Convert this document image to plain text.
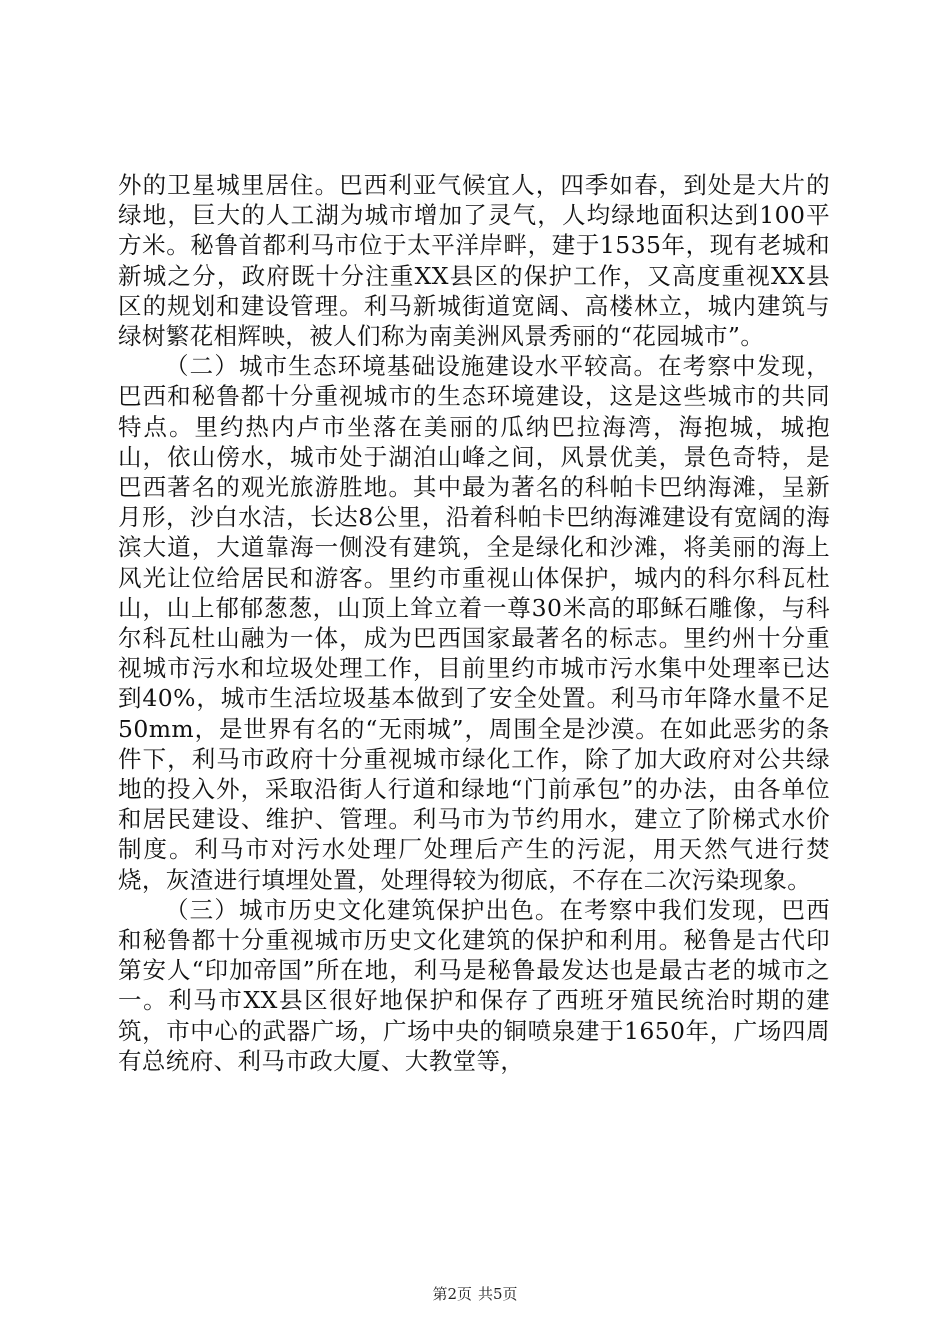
外的卫星城里居住。巴西利亚气候宜人，四季如春，到处是大片的绿地，巨大的人工湖为城市增加了灵气，人均绿地面积达到100平方米。秘鲁首都利马市位于太平洋岸畔，建于1535年，现有老城和新城之分，政府既十分注重XX县区的保护工作，又高度重视XX县区的规划和建设管理。利马新城街道宽阔、高楼林立，城内建筑与绿树繁花相辉映，被人们称为南美洲风景秀丽的“花园城市”。

（二）城市生态环境基础设施建设水平较高。在考察中发现，巴西和秘鲁都十分重视城市的生态环境建设，这是这些城市的共同特点。里约热内卢市坐落在美丽的瓜纳巴拉海湾，海抱城，城抱山，依山傍水，城市处于湖泊山峰之间，风景优美，景色奇特，是巴西著名的观光旅游胜地。其中最为著名的科帕卡巴纳海滩，呈新月形，沙白水洁，长达8公里，沿着科帕卡巴纳海滩建设有宽阔的海滨大道，大道靠海一侧没有建筑，全是绿化和沙滩，将美丽的海上风光让位给居民和游客。里约市重视山体保护，城内的科尔科瓦杜山，山上郁郁葱葱，山顶上耸立着一尊30米高的耶稣石雕像，与科尔科瓦杜山融为一体，成为巴西国家最著名的标志。里约州十分重视城市污水和垃圾处理工作，目前里约市城市污水集中处理率已达到40%，城市生活垃圾基本做到了安全处置。利马市年降水量不足50mm，是世界有名的“无雨城”，周围全是沙漠。在如此恶劣的条件下，利马市政府十分重视城市绿化工作，除了加大政府对公共绿地的投入外，采取沿街人行道和绿地“门前承包”的办法，由各单位和居民建设、维护、管理。利马市为节约用水，建立了阶梯式水价制度。利马市对污水处理厂处理后产生的污泥，用天然气进行焚烧，灰渣进行填埋处置，处理得较为彻底，不存在二次污染现象。

（三）城市历史文化建筑保护出色。在考察中我们发现，巴西和秘鲁都十分重视城市历史文化建筑的保护和利用。秘鲁是古代印第安人“印加帝国”所在地，利马是秘鲁最发达也是最古老的城市之一。利马市XX县区很好地保护和保存了西班牙殖民统治时期的建筑，市中心的武器广场，广场中央的铜喷泉建于1650年，广场四周有总统府、利马市政大厦、大教堂等，

第2页 共5页
